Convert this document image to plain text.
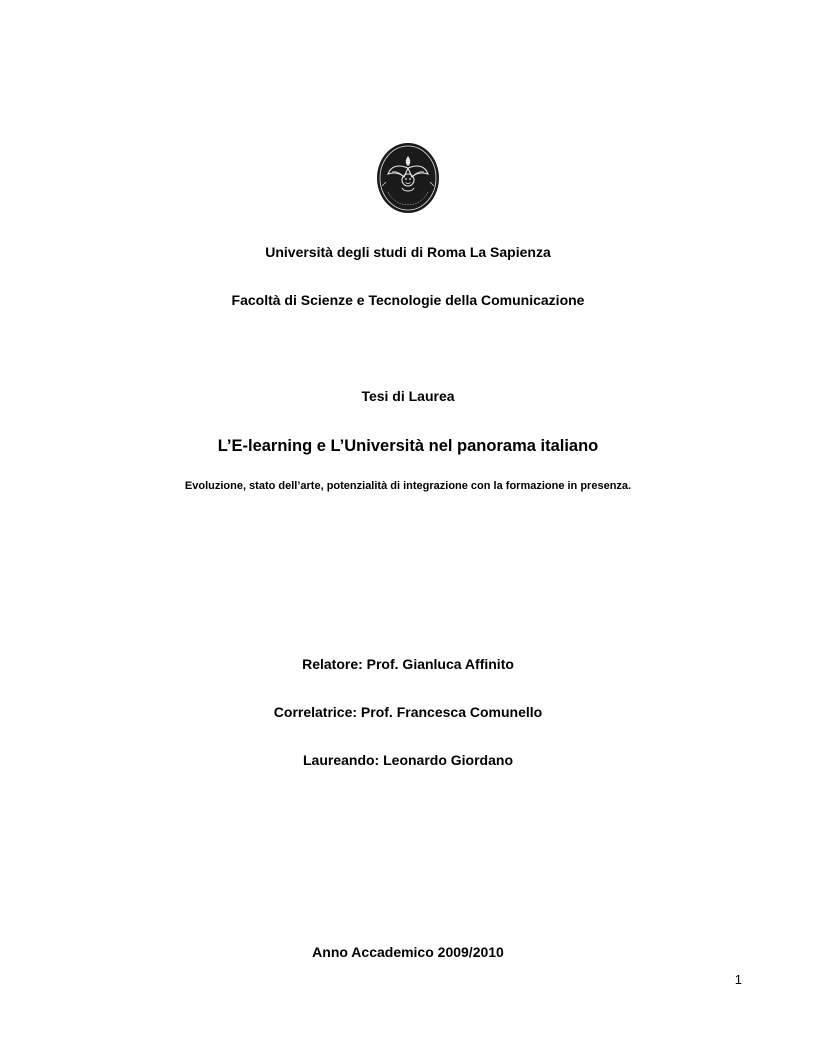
Università degli studi di Roma La Sapienza
Facoltà di Scienze e Tecnologie della Comunicazione
Tesi di Laurea
L’E-learning e L’Università nel panorama italiano
Evoluzione, stato dell’arte, potenzialità di integrazione con la formazione in presenza.
Relatore: Prof. Gianluca Affinito
Correlatrice: Prof. Francesca Comunello
Laureando: Leonardo Giordano
Anno Accademico 2009/2010
1
